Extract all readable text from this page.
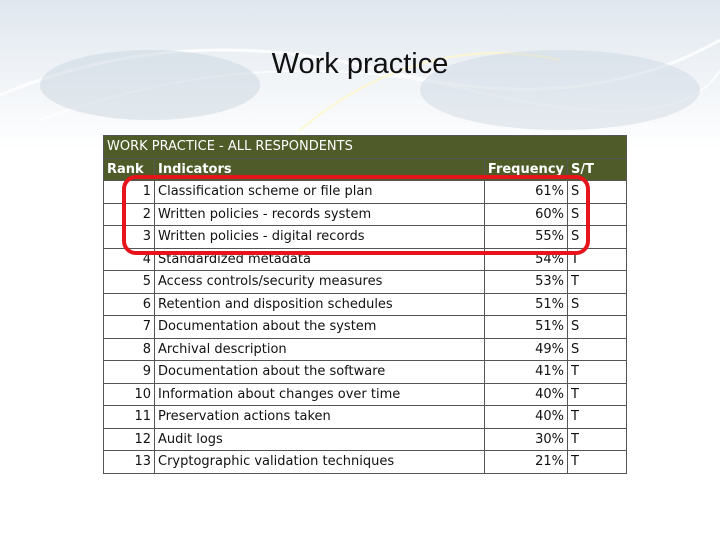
Work practice
WORK PRACTICE - ALL RESPONDENTS			
Rank	Indicators	Frequency	S/T
1	Classification scheme or file plan	61%	S
2	Written policies - records system	60%	S
3	Written policies - digital records	55%	S
4	Standardized metadata	54%	T
5	Access controls/security measures	53%	T
6	Retention and disposition schedules	51%	S
7	Documentation about the system	51%	S
8	Archival description	49%	S
9	Documentation about the software	41%	T
10	Information about changes over time	40%	T
11	Preservation actions taken	40%	T
12	Audit logs	30%	T
13	Cryptographic validation techniques	21%	T
